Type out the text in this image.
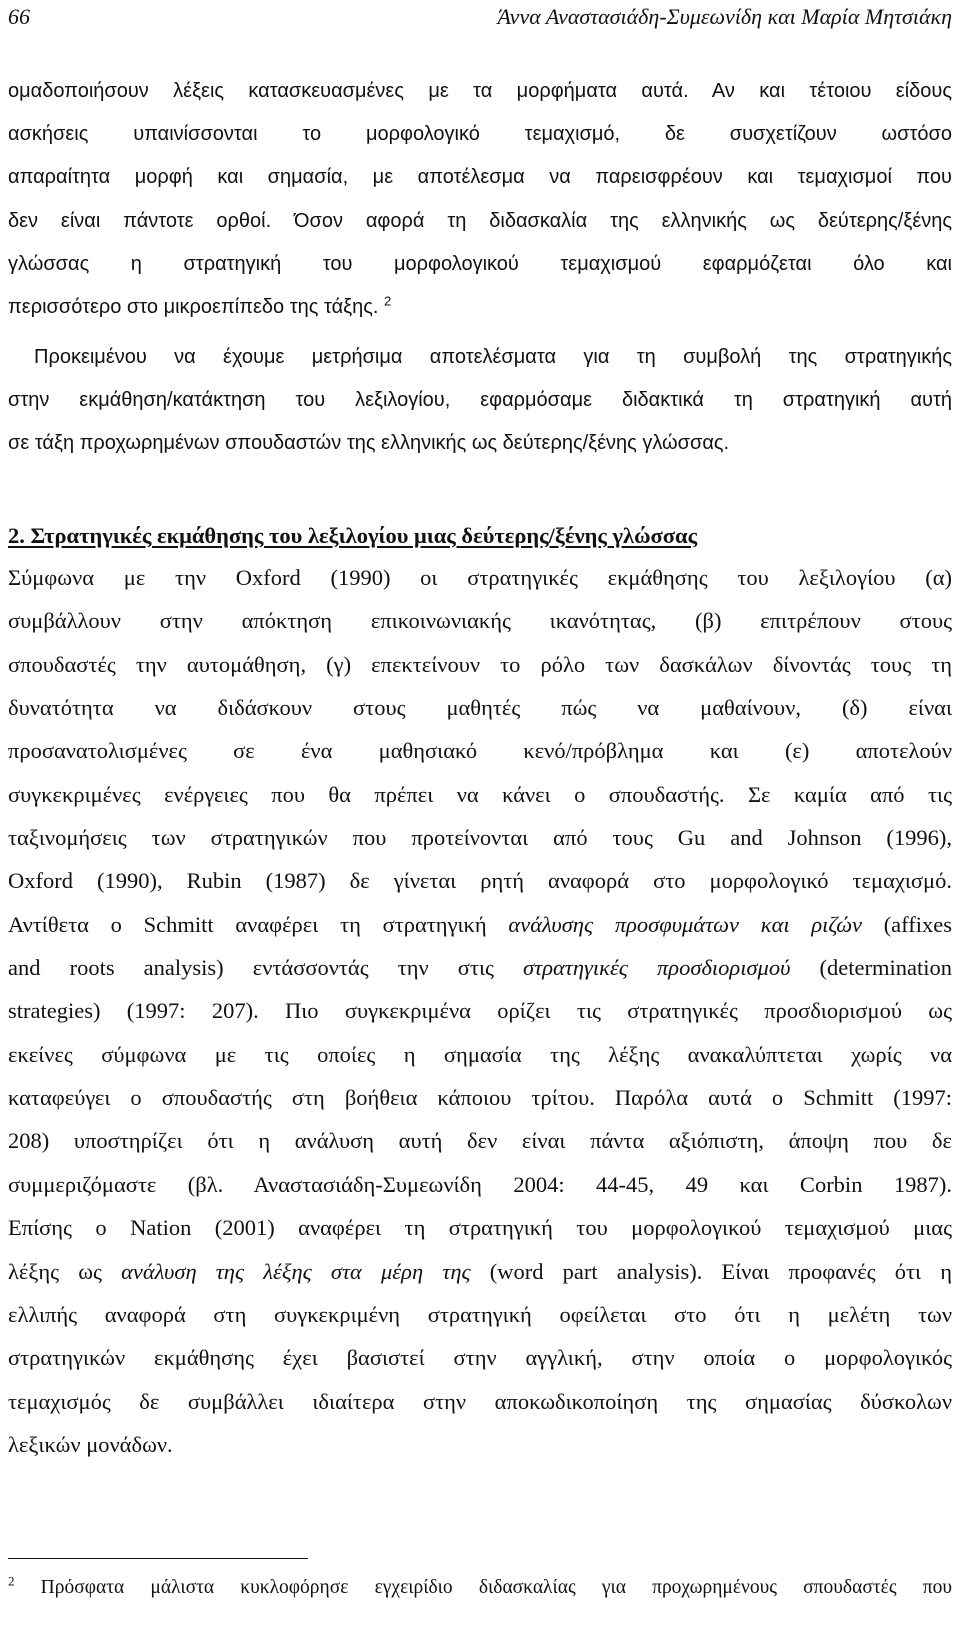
66	Άννα Αναστασιάδη-Συμεωνίδη και Μαρία Μητσιάκη
ομαδοποιήσουν λέξεις κατασκευασμένες με τα μορφήματα αυτά. Αν και τέτοιου είδους
ασκήσεις υπαινίσσονται το μορφολογικό τεμαχισμό, δε συσχετίζουν ωστόσο
απαραίτητα μορφή και σημασία, με αποτέλεσμα να παρεισφρέουν και τεμαχισμοί που
δεν είναι πάντοτε ορθοί. Όσον αφορά τη διδασκαλία της ελληνικής ως δεύτερης/ξένης
γλώσσας η στρατηγική του μορφολογικού τεμαχισμού εφαρμόζεται όλο και
περισσότερο στο μικροεπίπεδο της τάξης. $^2$
Προκειμένου να έχουμε μετρήσιμα αποτελέσματα για τη συμβολή της στρατηγικής
στην εκμάθηση/κατάκτηση του λεξιλογίου, εφαρμόσαμε διδακτικά τη στρατηγική αυτή
σε τάξη προχωρημένων σπουδαστών της ελληνικής ως δεύτερης/ξένης γλώσσας.
2. Στρατηγικές εκμάθησης του λεξιλογίου μιας δεύτερης/ξένης γλώσσας
Σύμφωνα με την Oxford (1990) οι στρατηγικές εκμάθησης του λεξιλογίου (α)
συμβάλλουν στην απόκτηση επικοινωνιακής ικανότητας, (β) επιτρέπουν στους
σπουδαστές την αυτομάθηση, (γ) επεκτείνουν το ρόλο των δασκάλων δίνοντάς τους τη
δυνατότητα να διδάσκουν στους μαθητές πώς να μαθαίνουν, (δ) είναι
προσανατολισμένες σε ένα μαθησιακό κενό/πρόβλημα και (ε) αποτελούν
συγκεκριμένες ενέργειες που θα πρέπει να κάνει ο σπουδαστής. Σε καμία από τις
ταξινομήσεις των στρατηγικών που προτείνονται από τους Gu and Johnson (1996),
Oxford (1990), Rubin (1987) δε γίνεται ρητή αναφορά στο μορφολογικό τεμαχισμό.
Αντίθετα ο Schmitt αναφέρει τη στρατηγική ανάλυσης προσφυμάτων και ριζών (affixes
and roots analysis) εντάσσοντάς την στις στρατηγικές προσδιορισμού (determination
strategies) (1997: 207). Πιο συγκεκριμένα ορίζει τις στρατηγικές προσδιορισμού ως
εκείνες σύμφωνα με τις οποίες η σημασία της λέξης ανακαλύπτεται χωρίς να
καταφεύγει ο σπουδαστής στη βοήθεια κάποιου τρίτου. Παρόλα αυτά ο Schmitt (1997:
208) υποστηρίζει ότι η ανάλυση αυτή δεν είναι πάντα αξιόπιστη, άποψη που δε
συμμεριζόμαστε (βλ. Αναστασιάδη-Συμεωνίδη 2004: 44-45, 49 και Corbin 1987).
Επίσης ο Nation (2001) αναφέρει τη στρατηγική του μορφολογικού τεμαχισμού μιας
λέξης ως ανάλυση της λέξης στα μέρη της (word part analysis). Είναι προφανές ότι η
ελλιπής αναφορά στη συγκεκριμένη στρατηγική οφείλεται στο ότι η μελέτη των
στρατηγικών εκμάθησης έχει βασιστεί στην αγγλική, στην οποία ο μορφολογικός
τεμαχισμός δε συμβάλλει ιδιαίτερα στην αποκωδικοποίηση της σημασίας δύσκολων
λεξικών μονάδων.
$^2$ Πρόσφατα μάλιστα κυκλοφόρησε εγχειρίδιο διδασκαλίας για προχωρημένους σπουδαστές που
